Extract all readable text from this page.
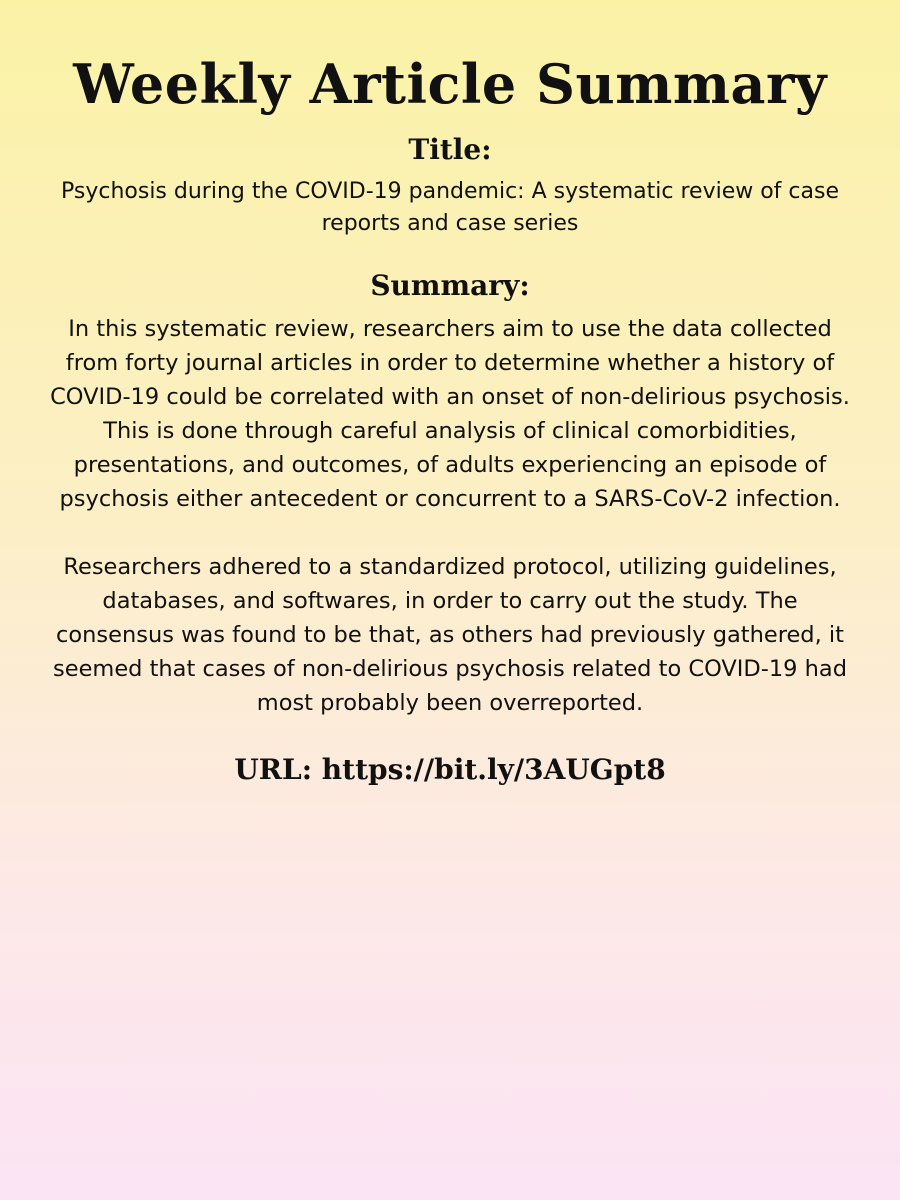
Weekly Article Summary
Title:

Psychosis during the COVID-19 pandemic: A systematic review of case reports and case series

Summary:

In this systematic review, researchers aim to use the data collected from forty journal articles in order to determine whether a history of COVID-19 could be correlated with an onset of non-delirious psychosis. This is done through careful analysis of clinical comorbidities, presentations, and outcomes, of adults experiencing an episode of psychosis either antecedent or concurrent to a SARS-CoV-2 infection.

Researchers adhered to a standardized protocol, utilizing guidelines, databases, and softwares, in order to carry out the study. The consensus was found to be that, as others had previously gathered, it seemed that cases of non-delirious psychosis related to COVID-19 had most probably been overreported.

URL: https://bit.ly/3AUGpt8
